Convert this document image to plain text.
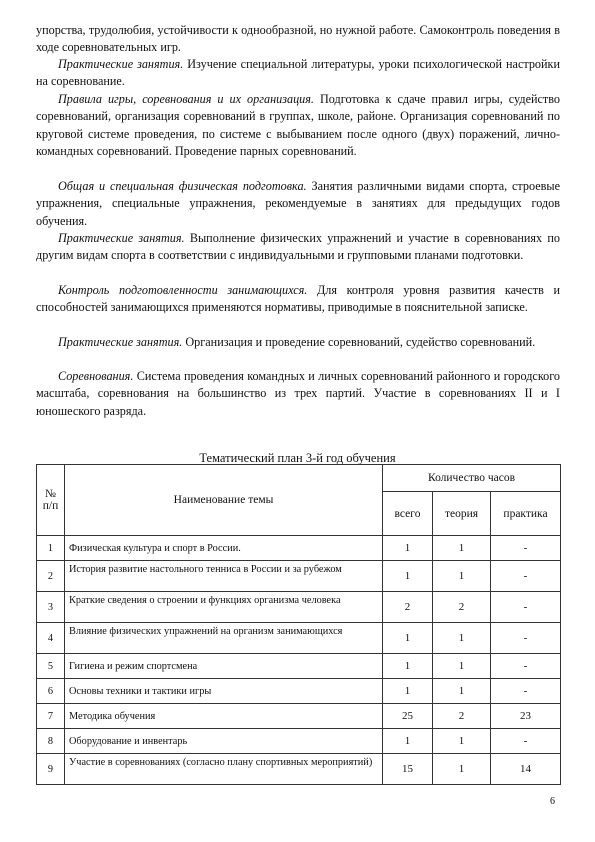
упорства, трудолюбия, устойчивости к однообразной, но нужной работе. Самоконтроль поведения в ходе соревновательных игр.

Практические занятия. Изучение специальной литературы, уроки психологической настройки на соревнование.

Правила игры, соревнования и их организация. Подготовка к сдаче правил игры, судейство соревнований, организация соревнований в группах, школе, районе. Организация соревнований по круговой системе проведения, по системе с выбыванием после одного (двух) поражений, лично-командных соревнований. Проведение парных соревнований.

Общая и специальная физическая подготовка. Занятия различными видами спорта, строевые упражнения, специальные упражнения, рекомендуемые в занятиях для предыдущих годов обучения.

Практические занятия. Выполнение физических упражнений и участие в соревнованиях по другим видам спорта в соответствии с индивидуальными и групповыми планами подготовки.

Контроль подготовленности занимающихся. Для контроля уровня развития качеств и способностей занимающихся применяются нормативы, приводимые в пояснительной записке.

Практические занятия. Организация и проведение соревнований, судейство соревнований.

Соревнования. Система проведения командных и личных соревнований районного и городского масштаба, соревнования на большинство из трех партий. Участие в соревнованиях II и I юношеского разряда.

Тематический план 3-й год обучения
№
п/п	Наименование темы	Количество часов		
		всего	теория	практика
1	Физическая культура и спорт в России.	1	1	-
2	История развитие настольного тенниса в России и за рубежом	1	1	-
3	Краткие сведения о строении и функциях организма человека	2	2	-
4	Влияние физических упражнений на организм занимающихся	1	1	-
5	Гигиена и режим спортсмена	1	1	-
6	Основы техники и тактики игры	1	1	-
7	Методика обучения	25	2	23
8	Оборудование и инвентарь	1	1	-
9	Участие в соревнованиях (согласно плану спортивных мероприятий)	15	1	14
6
